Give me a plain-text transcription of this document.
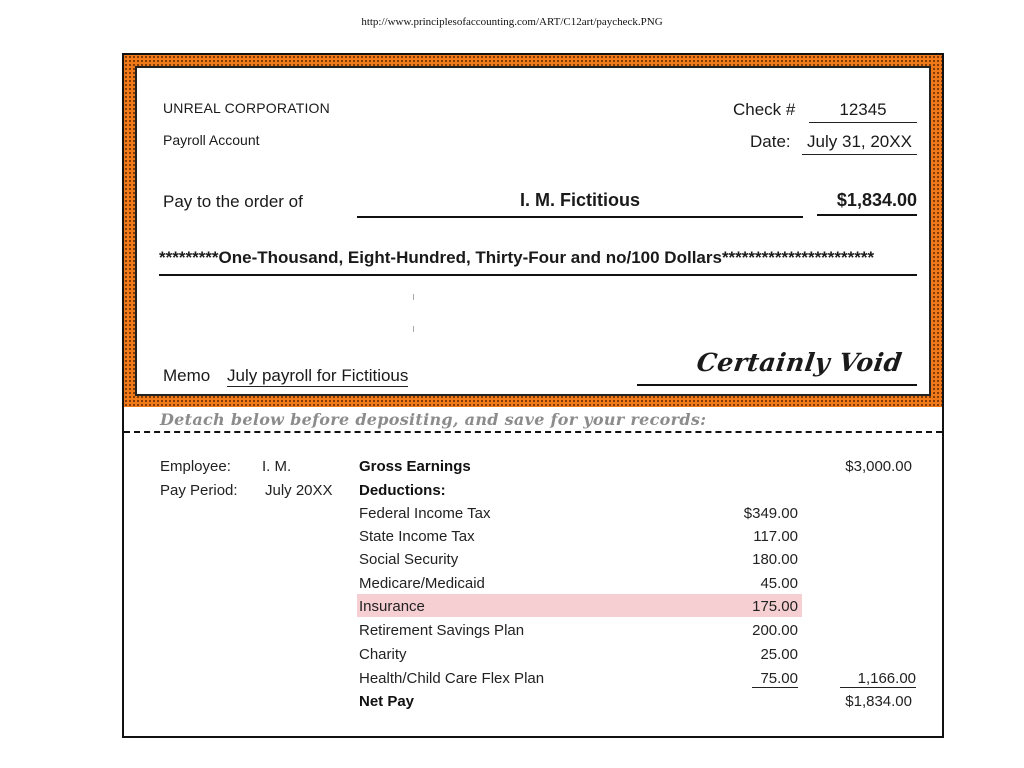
http://www.principlesofaccounting.com/ART/C12art/paycheck.PNG
UNREAL CORPORATION
Payroll Account
Check #	12345
Date: July 31, 20XX
Pay to the order of	I. M. Fictitious	$1,834.00
*********One-Thousand, Eight-Hundred, Thirty-Four and no/100 Dollars***********************
Memo July payroll for Fictitious	Certainly Void
Detach below before depositing, and save for your records:
Employee: I. M.
Pay Period: July 20XX
Gross Earnings	$3,000.00
Deductions:
Federal Income Tax	$349.00
State Income Tax	117.00
Social Security	180.00
Medicare/Medicaid	45.00
Insurance	175.00
Retirement Savings Plan	200.00
Charity	25.00
Health/Child Care Flex Plan	75.00	1,166.00
Net Pay	$1,834.00
